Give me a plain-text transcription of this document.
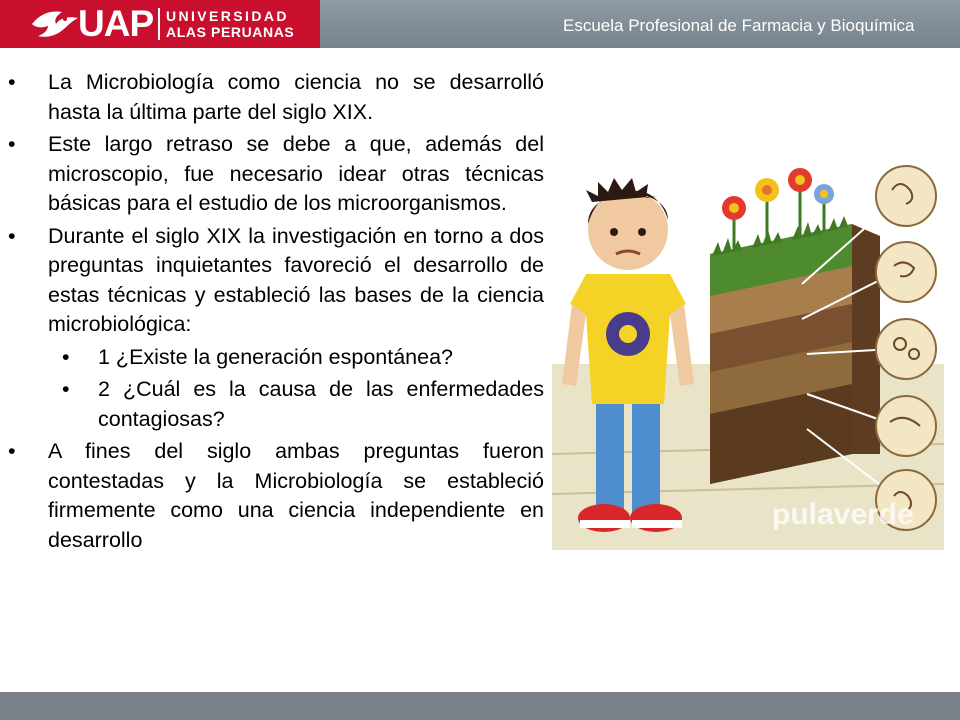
UAP UNIVERSIDAD
ALAS PERUANAS	Escuela Profesional de Farmacia y Bioquímica

• La Microbiología como ciencia no se desarrolló hasta la última parte del siglo XIX.

• Este largo retraso se debe a que, además del microscopio, fue necesario idear otras técnicas básicas para el estudio de los microorganismos.

• Durante el siglo XIX la investigación en torno a dos preguntas inquietantes favoreció el desarrollo de estas técnicas y estableció las bases de la ciencia microbiológica:

• 1 ¿Existe la generación espontánea?

• 2 ¿Cuál es la causa de las enfermedades contagiosas?

• A fines del siglo ambas preguntas fueron contestadas y la Microbiología se estableció firmemente como una ciencia independiente en desarrollo

pulaverde
